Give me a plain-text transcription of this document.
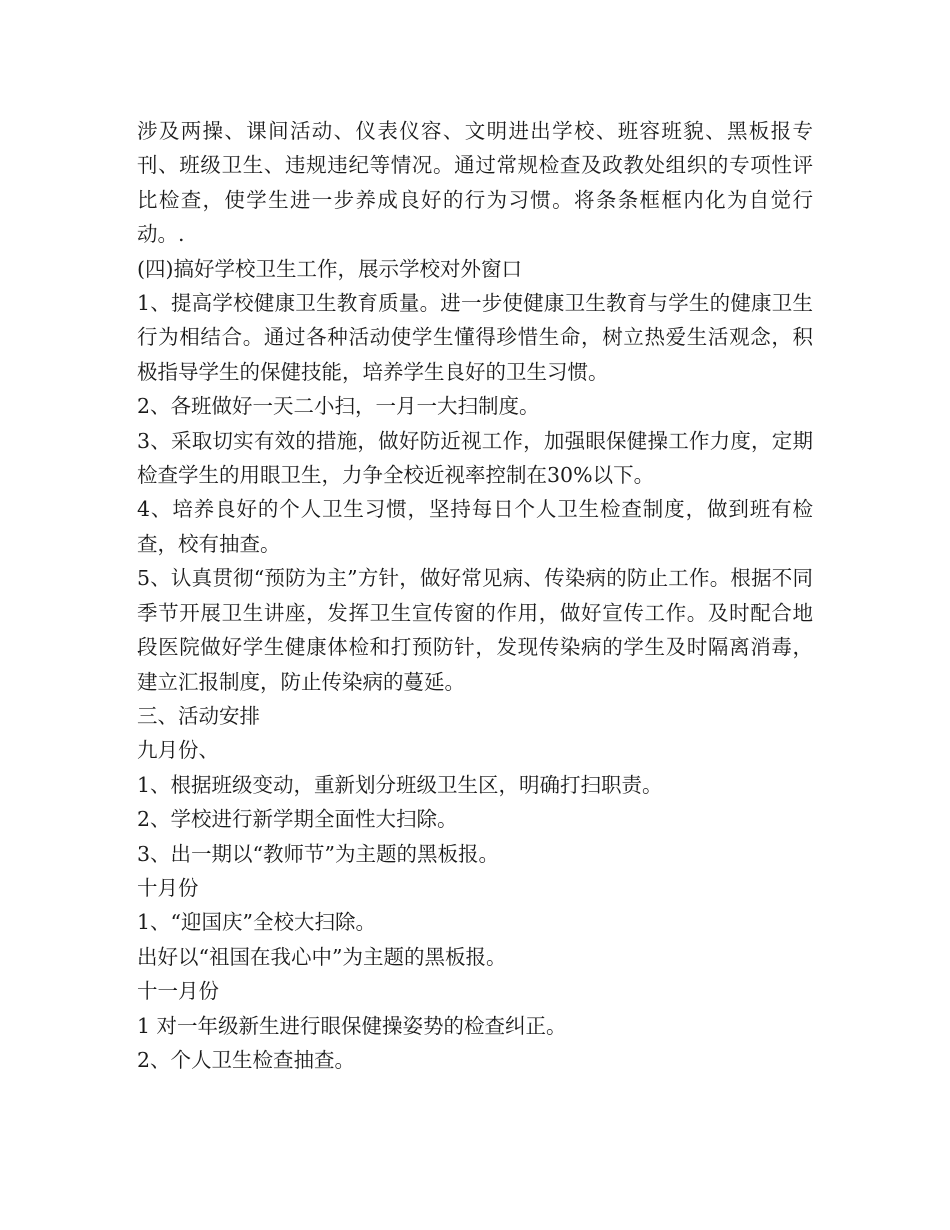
涉及两操、课间活动、仪表仪容、文明进出学校、班容班貌、黑板报专刊、班级卫生、违规违纪等情况。通过常规检查及政教处组织的专项性评比检查，使学生进一步养成良好的行为习惯。将条条框框内化为自觉行动。.

(四)搞好学校卫生工作，展示学校对外窗口

1、提高学校健康卫生教育质量。进一步使健康卫生教育与学生的健康卫生行为相结合。通过各种活动使学生懂得珍惜生命，树立热爱生活观念，积极指导学生的保健技能，培养学生良好的卫生习惯。

2、各班做好一天二小扫，一月一大扫制度。

3、采取切实有效的措施，做好防近视工作，加强眼保健操工作力度，定期检查学生的用眼卫生，力争全校近视率控制在30%以下。

4、培养良好的个人卫生习惯，坚持每日个人卫生检查制度，做到班有检查，校有抽查。

5、认真贯彻“预防为主”方针，做好常见病、传染病的防止工作。根据不同季节开展卫生讲座，发挥卫生宣传窗的作用，做好宣传工作。及时配合地段医院做好学生健康体检和打预防针，发现传染病的学生及时隔离消毒，建立汇报制度，防止传染病的蔓延。

三、活动安排

九月份、

1、根据班级变动，重新划分班级卫生区，明确打扫职责。

2、学校进行新学期全面性大扫除。

3、出一期以“教师节”为主题的黑板报。

十月份

1、“迎国庆”全校大扫除。

出好以“祖国在我心中”为主题的黑板报。

十一月份

1 对一年级新生进行眼保健操姿势的检查纠正。

2、个人卫生检查抽查。
